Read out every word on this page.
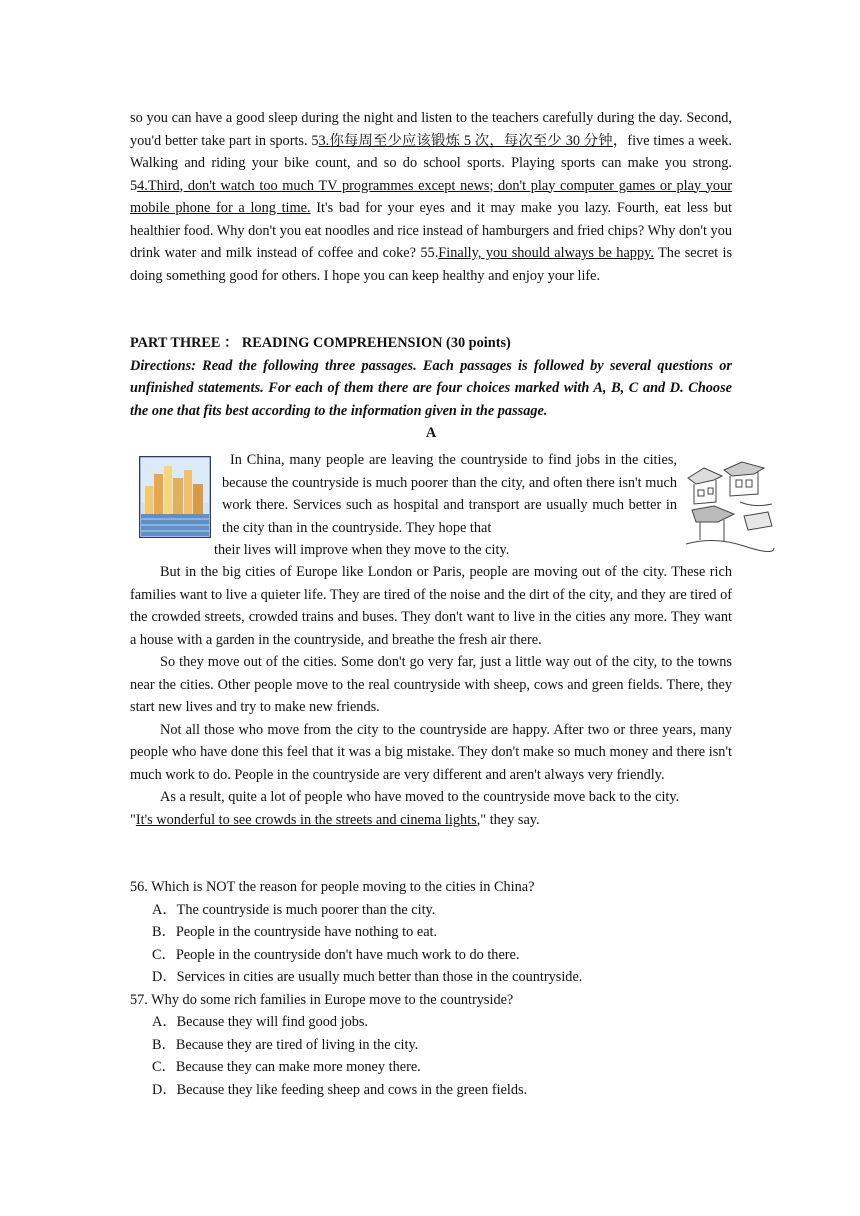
so you can have a good sleep during the night and listen to the teachers carefully during the day. Second, you'd better take part in sports. 53.你每周至少应该锻炼 5 次，每次至少 30 分钟，five times a week. Walking and riding your bike count, and so do school sports. Playing sports can make you strong. 54.Third, don't watch too much TV programmes except news; don't play computer games or play your mobile phone for a long time. It's bad for your eyes and it may make you lazy. Fourth, eat less but healthier food. Why don't you eat noodles and rice instead of hamburgers and fried chips? Why don't you drink water and milk instead of coffee and coke? 55.Finally, you should always be happy. The secret is doing something good for others. I hope you can keep healthy and enjoy your life.

PART THREE ： READING COMPREHENSION (30 points)

Directions: Read the following three passages. Each passages is followed by several questions or unfinished statements. For each of them there are four choices marked with A, B, C and D. Choose the one that fits best according to the information given in the passage.

A

In China, many people are leaving the countryside to find jobs in the cities, because the countryside is much poorer than the city, and often there isn't much work there. Services such as hospital and transport are usually much better in the city than in the countryside. They hope that

their lives will improve when they move to the city.

But in the big cities of Europe like London or Paris, people are moving out of the city. These rich families want to live a quieter life. They are tired of the noise and the dirt of the city, and they are tired of the crowded streets, crowded trains and buses. They don't want to live in the cities any more. They want a house with a garden in the countryside, and breathe the fresh air there.

So they move out of the cities. Some don't go very far, just a little way out of the city, to the towns near the cities. Other people move to the real countryside with sheep, cows and green fields. There, they start new lives and try to make new friends.

Not all those who move from the city to the countryside are happy. After two or three years, many people who have done this feel that it was a big mistake. They don't make so much money and there isn't much work to do. People in the countryside are very different and aren't always very friendly.

As a result, quite a lot of people who have moved to the countryside move back to the city.

"It's wonderful to see crowds in the streets and cinema lights," they say.

56. Which is NOT the reason for people moving to the cities in China?

A．The countryside is much poorer than the city.

B．People in the countryside have nothing to eat.

C．People in the countryside don't have much work to do there.

D．Services in cities are usually much better than those in the countryside.

57. Why do some rich families in Europe move to the countryside?

A．Because they will find good jobs.

B．Because they are tired of living in the city.

C．Because they can make more money there.

D．Because they like feeding sheep and cows in the green fields.
